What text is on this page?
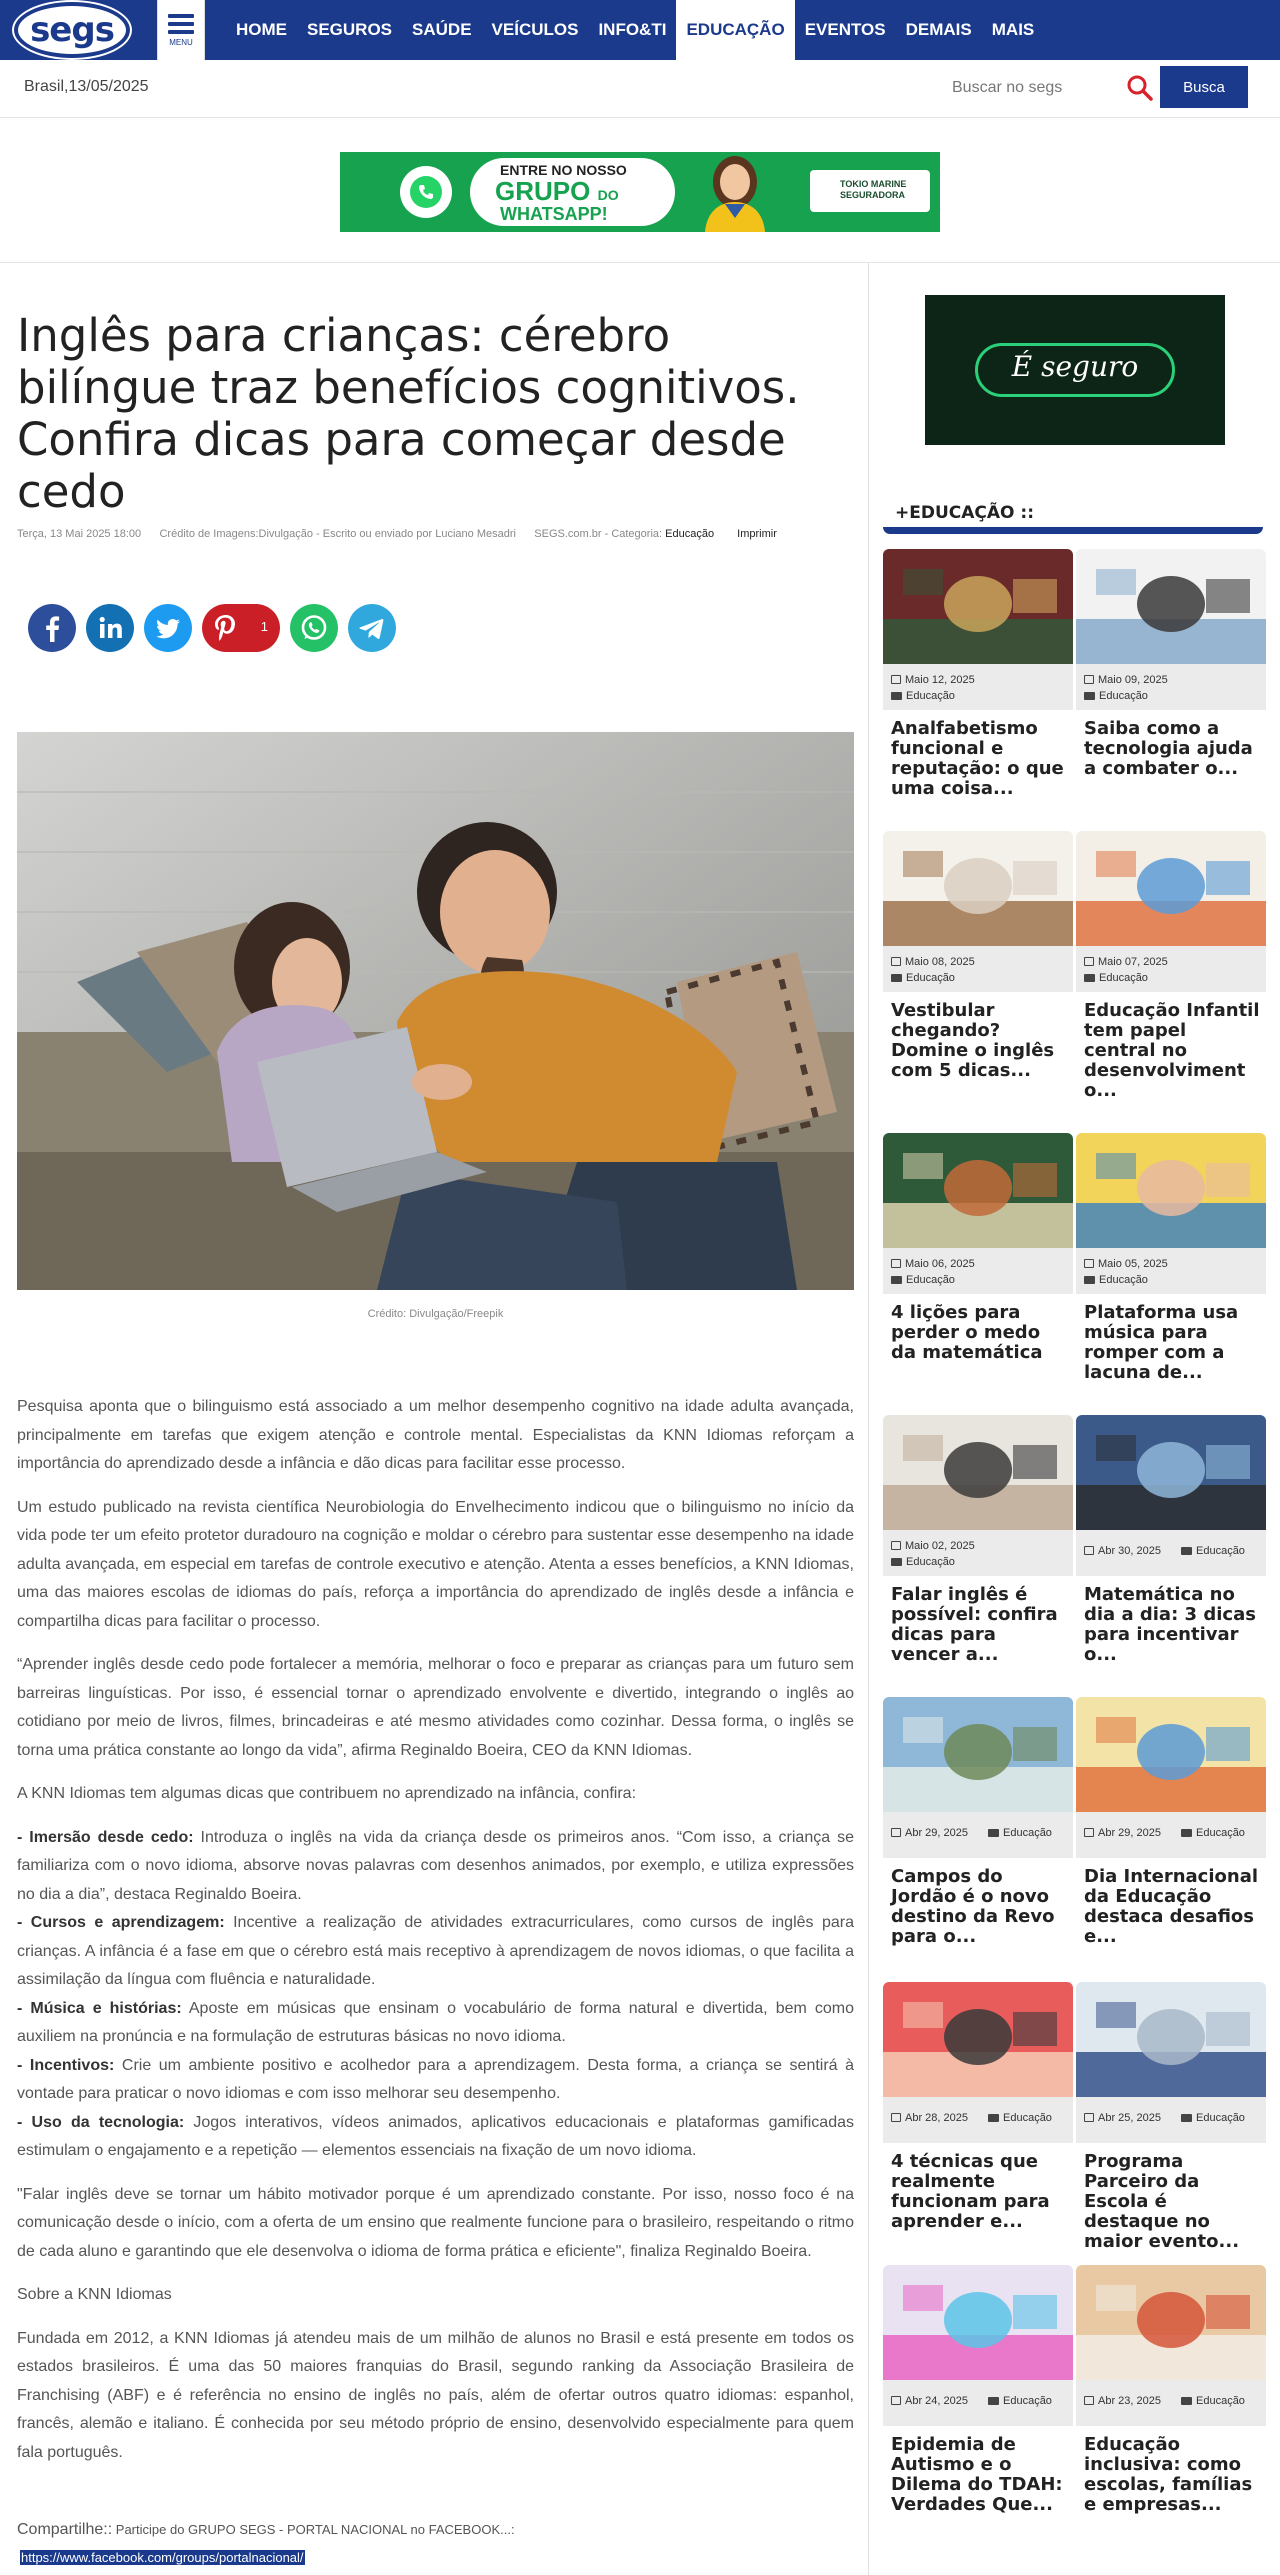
segs	MENU
HOME	SEGUROS	SAÚDE	VEÍCULOS	INFO&TI	EDUCAÇÃO	EVENTOS	DEMAIS	MAIS
Brasil,13/05/2025
Buscar no segs	Busca
ENTRE NO NOSSO
GRUPO DO
WHATSAPP!
TOKIO MARINE SEGURADORA
Inglês para crianças: cérebro bilíngue traz benefícios cognitivos. Confira dicas para começar desde cedo
Terça, 13 Mai 2025 18:00 Crédito de Imagens:Divulgação - Escrito ou enviado por Luciano Mesadri SEGS.com.br - Categoria: Educação Imprimir
1
Crédito: Divulgação/Freepik

Pesquisa aponta que o bilinguismo está associado a um melhor desempenho cognitivo na idade adulta avançada, principalmente em tarefas que exigem atenção e controle mental. Especialistas da KNN Idiomas reforçam a importância do aprendizado desde a infância e dão dicas para facilitar esse processo.

Um estudo publicado na revista científica Neurobiologia do Envelhecimento indicou que o bilinguismo no início da vida pode ter um efeito protetor duradouro na cognição e moldar o cérebro para sustentar esse desempenho na idade adulta avançada, em especial em tarefas de controle executivo e atenção. Atenta a esses benefícios, a KNN Idiomas, uma das maiores escolas de idiomas do país, reforça a importância do aprendizado de inglês desde a infância e compartilha dicas para facilitar o processo.

“Aprender inglês desde cedo pode fortalecer a memória, melhorar o foco e preparar as crianças para um futuro sem barreiras linguísticas. Por isso, é essencial tornar o aprendizado envolvente e divertido, integrando o inglês ao cotidiano por meio de livros, filmes, brincadeiras e até mesmo atividades como cozinhar. Dessa forma, o inglês se torna uma prática constante ao longo da vida”, afirma Reginaldo Boeira, CEO da KNN Idiomas.

A KNN Idiomas tem algumas dicas que contribuem no aprendizado na infância, confira:

- Imersão desde cedo: Introduza o inglês na vida da criança desde os primeiros anos. “Com isso, a criança se familiariza com o novo idioma, absorve novas palavras com desenhos animados, por exemplo, e utiliza expressões no dia a dia”, destaca Reginaldo Boeira.
- Cursos e aprendizagem: Incentive a realização de atividades extracurriculares, como cursos de inglês para crianças. A infância é a fase em que o cérebro está mais receptivo à aprendizagem de novos idiomas, o que facilita a assimilação da língua com fluência e naturalidade.
- Música e histórias: Aposte em músicas que ensinam o vocabulário de forma natural e divertida, bem como auxiliem na pronúncia e na formulação de estruturas básicas no novo idioma.
- Incentivos: Crie um ambiente positivo e acolhedor para a aprendizagem. Desta forma, a criança se sentirá à vontade para praticar o novo idiomas e com isso melhorar seu desempenho.
- Uso da tecnologia: Jogos interativos, vídeos animados, aplicativos educacionais e plataformas gamificadas estimulam o engajamento e a repetição — elementos essenciais na fixação de um novo idioma.

"Falar inglês deve se tornar um hábito motivador porque é um aprendizado constante. Por isso, nosso foco é na comunicação desde o início, com a oferta de um ensino que realmente funcione para o brasileiro, respeitando o ritmo de cada aluno e garantindo que ele desenvolva o idioma de forma prática e eficiente", finaliza Reginaldo Boeira.

Sobre a KNN Idiomas

Fundada em 2012, a KNN Idiomas já atendeu mais de um milhão de alunos no Brasil e está presente em todos os estados brasileiros. É uma das 50 maiores franquias do Brasil, segundo ranking da Associação Brasileira de Franchising (ABF) e é referência no ensino de inglês no país, além de ofertar outros quatro idiomas: espanhol, francês, alemão e italiano. É conhecida por seu método próprio de ensino, desenvolvido especialmente para quem fala português.

Compartilhe:: Participe do GRUPO SEGS - PORTAL NACIONAL no FACEBOOK...:
https://www.facebook.com/groups/portalnacional/
É seguro
+EDUCAÇÃO ::
Maio 12, 2025
Educação
Analfabetismo funcional e reputação: o que uma coisa...
Maio 09, 2025
Educação
Saiba como a tecnologia ajuda a combater o...
Maio 08, 2025
Educação
Vestibular chegando? Domine o inglês com 5 dicas...
Maio 07, 2025
Educação
Educação Infantil tem papel central no desenvolviment o...
Maio 06, 2025
Educação
4 lições para perder o medo da matemática
Maio 05, 2025
Educação
Plataforma usa música para romper com a lacuna de...
Maio 02, 2025
Educação
Falar inglês é possível: confira dicas para vencer a...
Abr 30, 2025	Educação
Matemática no dia a dia: 3 dicas para incentivar o...
Abr 29, 2025	Educação
Campos do Jordão é o novo destino da Revo para o...
Abr 29, 2025	Educação
Dia Internacional da Educação destaca desafios e...
Abr 28, 2025	Educação
4 técnicas que realmente funcionam para aprender e...
Abr 25, 2025	Educação
Programa Parceiro da Escola é destaque no maior evento...
Abr 24, 2025	Educação
Epidemia de Autismo e o Dilema do TDAH: Verdades Que...
Abr 23, 2025	Educação
Educação inclusiva: como escolas, famílias e empresas...
